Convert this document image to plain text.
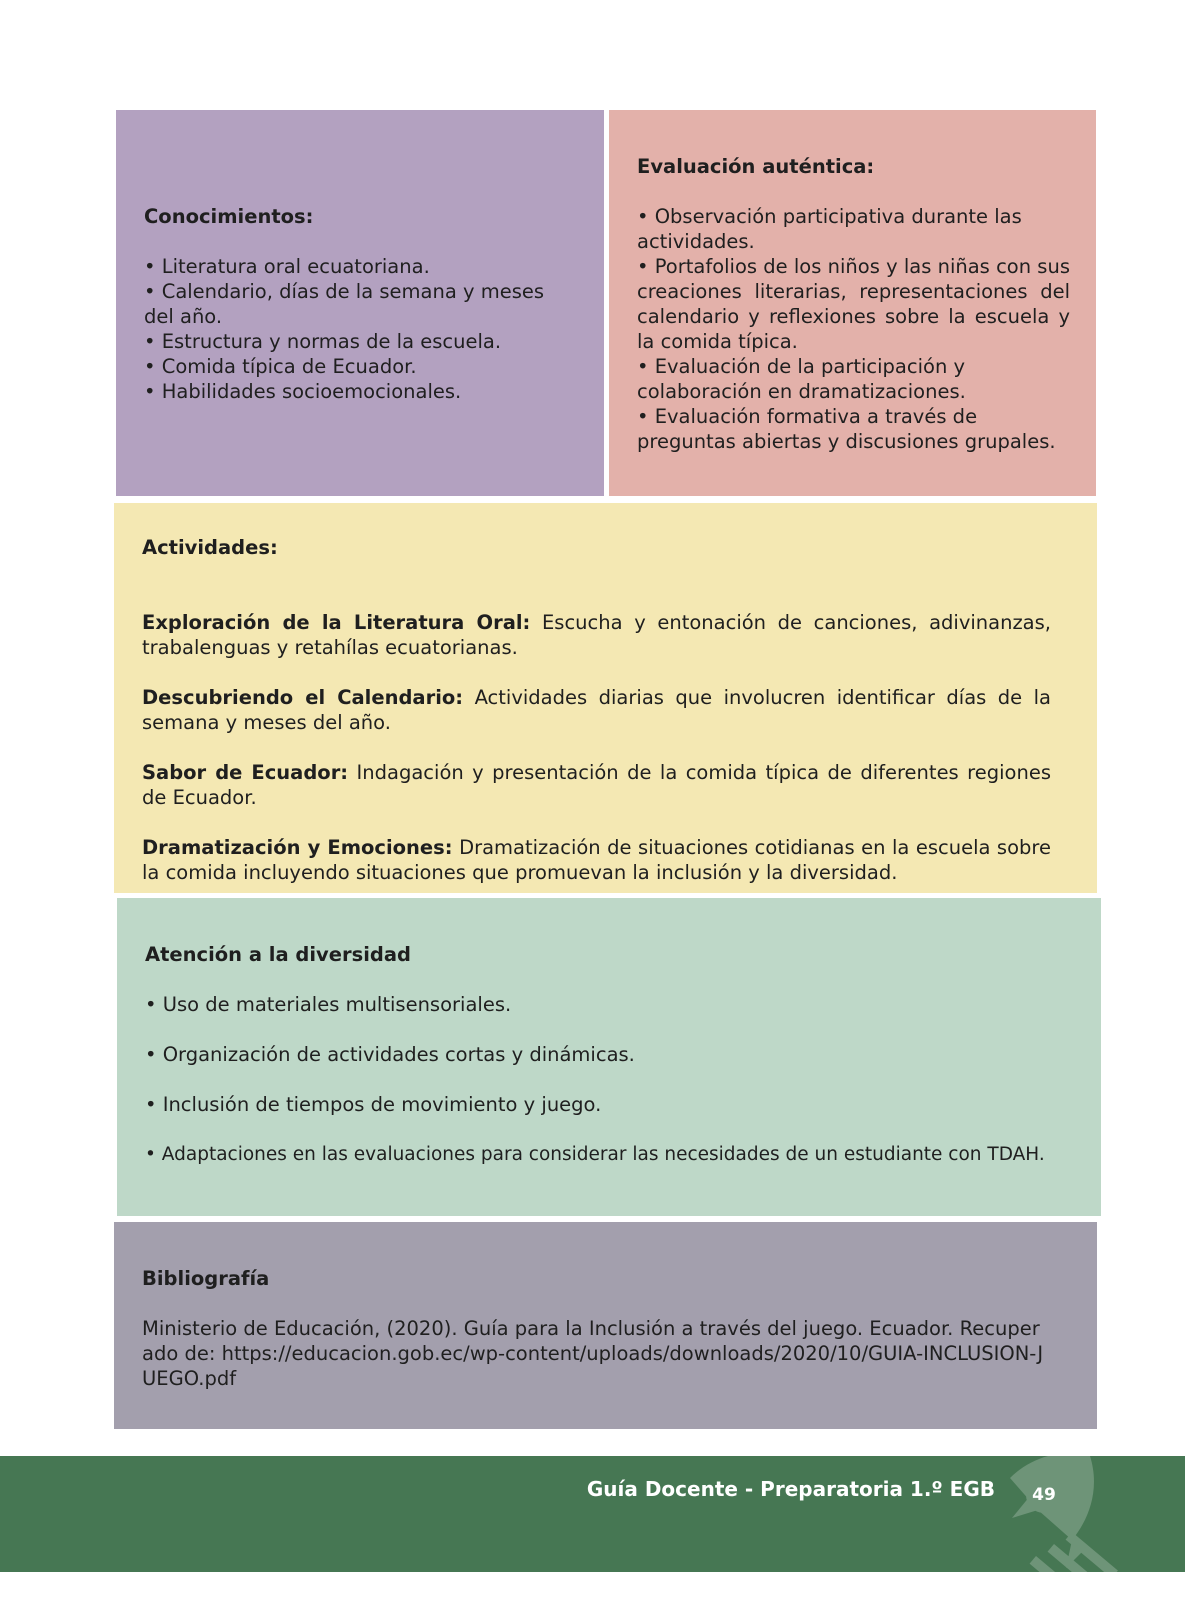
Conocimientos:

• Literatura oral ecuatoriana.
• Calendario, días de la semana y meses del año.
• Estructura y normas de la escuela.
• Comida típica de Ecuador.
• Habilidades socioemocionales.

Evaluación auténtica:

• Observación participativa durante las actividades.
• Portafolios de los niños y las niñas con sus creaciones literarias, representaciones del calendario y reflexiones sobre la escuela y la comida típica.
• Evaluación de la participación y colaboración en dramatizaciones.
• Evaluación formativa a través de preguntas abiertas y discusiones grupales.

Actividades:

Exploración de la Literatura Oral: Escucha y entonación de canciones, adivinanzas, trabalenguas y retahílas ecuatorianas.

Descubriendo el Calendario: Actividades diarias que involucren identificar días de la semana y meses del año.

Sabor de Ecuador: Indagación y presentación de la comida típica de diferentes regiones de Ecuador.

Dramatización y Emociones: Dramatización de situaciones cotidianas en la escuela sobre la comida incluyendo situaciones que promuevan la inclusión y la diversidad.

Atención a la diversidad

• Uso de materiales multisensoriales.
• Organización de actividades cortas y dinámicas.
• Inclusión de tiempos de movimiento y juego.
• Adaptaciones en las evaluaciones para considerar las necesidades de un estudiante con TDAH.

Bibliografía

Ministerio de Educación, (2020). Guía para la Inclusión a través del juego. Ecuador. Recuperado de: https://educacion.gob.ec/wp-content/uploads/downloads/2020/10/GUIA-INCLUSION-JUEGO.pdf

Guía Docente - Preparatoria 1.º EGB	49
